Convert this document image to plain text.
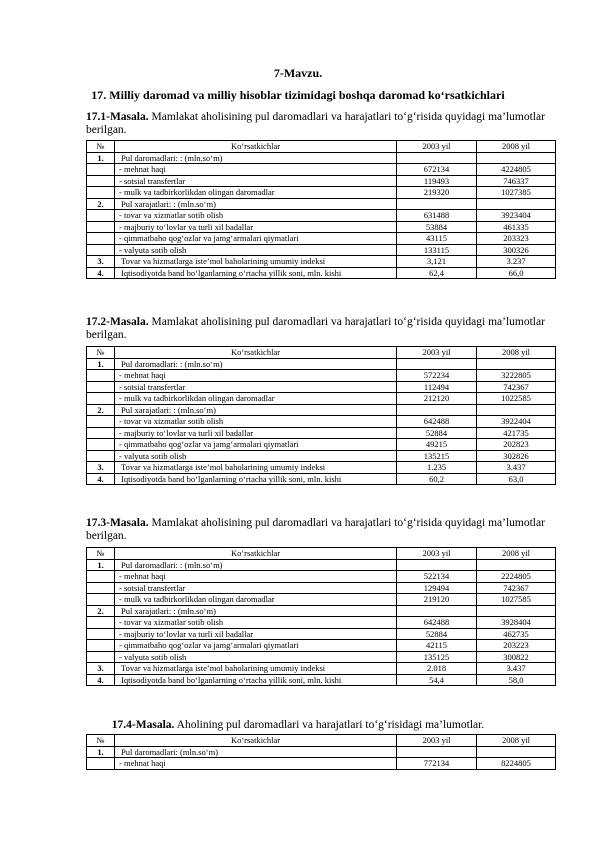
7-Mavzu.
17. Milliy daromad va milliy hisoblar tizimidagi boshqa daromad ko‘rsatkichlari
17.1-Masala. Mamlakat aholisining pul daromadlari va harajatlari to‘g‘risida quyidagi ma’lumotlar berilgan.
№	Ko‘rsatkichlar	2003 yil	2008 yil
1.	Pul daromadlari: : (mln.so‘m)		
	- mehnat haqi	672134	4224805
	- sotsial transfertlar	119493	746337
	- mulk va tadbirkorlikdan olingan daromadlar	219320	1027385
2.	Pul xarajatlari: : (mln.so‘m)		
	- tovar va xizmatlar sotib olish	631488	3923404
	- majburiy to‘lovlar va turli xil badallar	53884	461335
	- qimmatbaho qog‘ozlar va jamg‘armalari qiymatlari	43115	203323
	- valyuta sotib olish	133115	300326
3.	Tovar va hizmatlarga iste’mol baholarining umumiy indeksi	3,121	3.237
4.	Iqtisodiyotda band bo‘lganlarning o‘rtacha yillik soni, mln. kishi	62,4	66,0
17.2-Masala. Mamlakat aholisining pul daromadlari va harajatlari to‘g‘risida quyidagi ma’lumotlar berilgan.
№	Ko‘rsatkichlar	2003 yil	2008 yil
1.	Pul daromadlari: : (mln.so‘m)		
	- mehnat haqi	572234	3222805
	- sotsial transfertlar	112494	742367
	- mulk va tadbirkorlikdan olingan daromadlar	212120	1022585
2.	Pul xarajatlari: : (mln.so‘m)		
	- tovar va xizmatlar sotib olish	642488	3922404
	- majburiy to‘lovlar va turli xil badallar	52884	421735
	- qimmatbaho qog‘ozlar va jamg‘armalari qiymatlari	49215	202823
	- valyuta sotib olish	135215	302826
3.	Tovar va hizmatlarga iste’mol baholarining umumiy indeksi	1.235	3.437
4.	Iqtisodiyotda band bo‘lganlarning o‘rtacha yillik soni, mln. kishi	60,2	63,0
17.3-Masala. Mamlakat aholisining pul daromadlari va harajatlari to‘g‘risida quyidagi ma’lumotlar berilgan.
№	Ko‘rsatkichlar	2003 yil	2008 yil
1.	Pul daromadlari: : (mln.so‘m)		
	- mehnat haqi	522134	2224805
	- sotsial transfertlar	129494	742367
	- mulk va tadbirkorlikdan olingan daromadlar	219120	1027585
2.	Pul xarajatlari: : (mln.so‘m)		
	- tovar va xizmatlar sotib olish	642488	3928404
	- majburiy to‘lovlar va turli xil badallar	52884	462735
	- qimmatbaho qog‘ozlar va jamg‘armalari qiymatlari	42115	203223
	- valyuta sotib olish	135125	300822
3.	Tovar va hizmatlarga iste’mol baholarining umumiy indeksi	2.018	3.437
4.	Iqtisodiyotda band bo‘lganlarning o‘rtacha yillik soni, mln. kishi	54,4	58,0
17.4-Masala. Aholining pul daromadlari va harajatlari to‘g‘risidagi ma’lumotlar.
№	Ko‘rsatkichlar	2003 yil	2008 yil
1.	Pul daromadlari: (mln.so‘m)		
	- mehnat haqi	772134	8224805
